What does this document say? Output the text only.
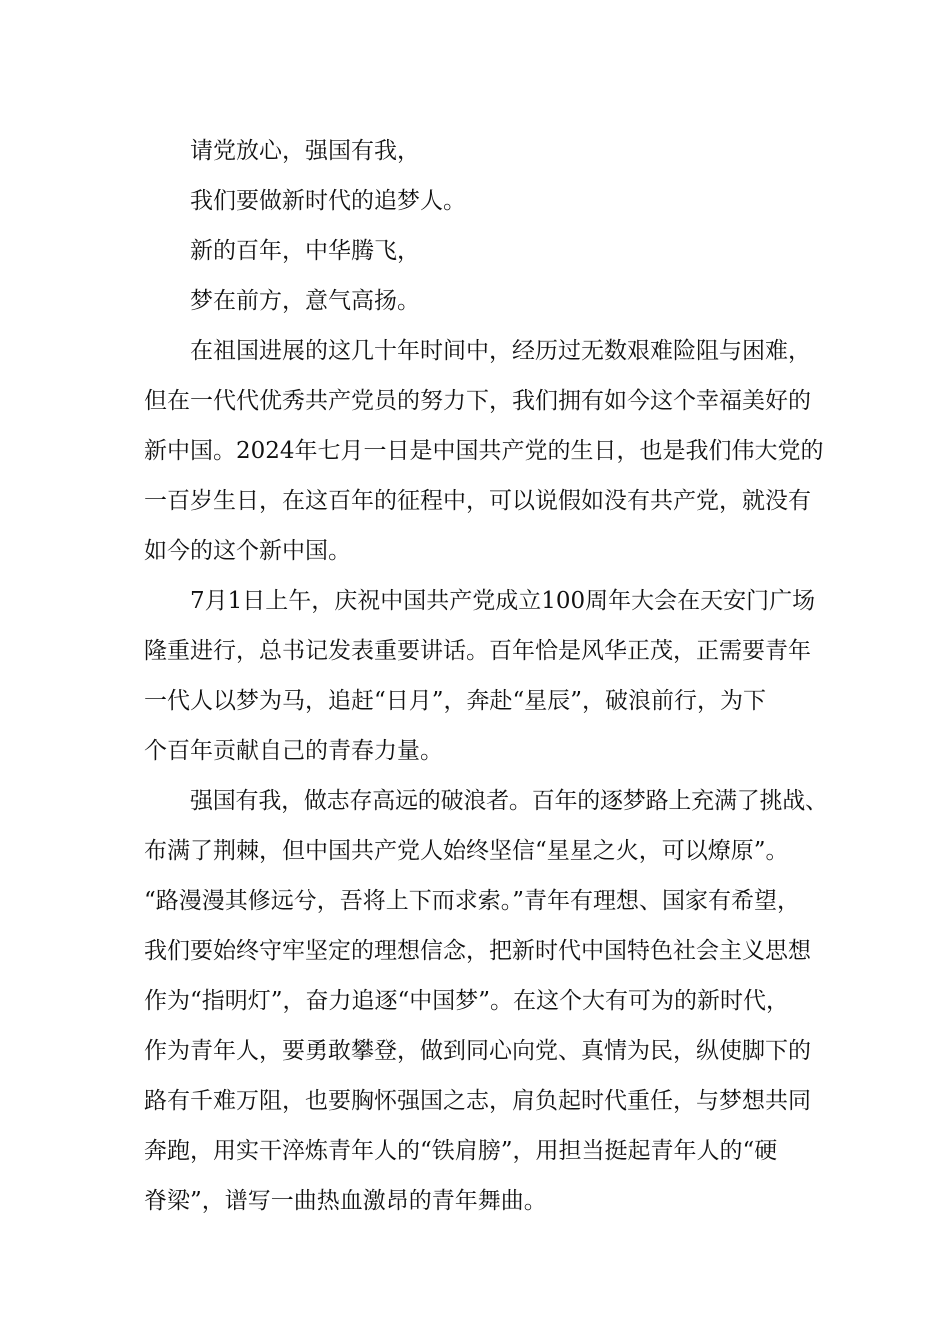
请党放心，强国有我，
我们要做新时代的追梦人。
新的百年，中华腾飞，
梦在前方，意气高扬。
在祖国进展的这几十年时间中，经历过无数艰难险阻与困难，
但在一代代优秀共产党员的努力下，我们拥有如今这个幸福美好的
新中国。2024年七月一日是中国共产党的生日，也是我们伟大党的
一百岁生日，在这百年的征程中，可以说假如没有共产党，就没有
如今的这个新中国。
7月1日上午，庆祝中国共产党成立100周年大会在天安门广场
隆重进行，总书记发表重要讲话。百年恰是风华正茂，正需要青年
一代人以梦为马，追赶“日月”，奔赴“星辰”，破浪前行，为下
个百年贡献自己的青春力量。
强国有我，做志存高远的破浪者。百年的逐梦路上充满了挑战、
布满了荆棘，但中国共产党人始终坚信“星星之火，可以燎原”。
“路漫漫其修远兮，吾将上下而求索。”青年有理想、国家有希望，
我们要始终守牢坚定的理想信念，把新时代中国特色社会主义思想
作为“指明灯”，奋力追逐“中国梦”。在这个大有可为的新时代，
作为青年人，要勇敢攀登，做到同心向党、真情为民，纵使脚下的
路有千难万阻，也要胸怀强国之志，肩负起时代重任，与梦想共同
奔跑，用实干淬炼青年人的“铁肩膀”，用担当挺起青年人的“硬
脊梁”，谱写一曲热血激昂的青年舞曲。
